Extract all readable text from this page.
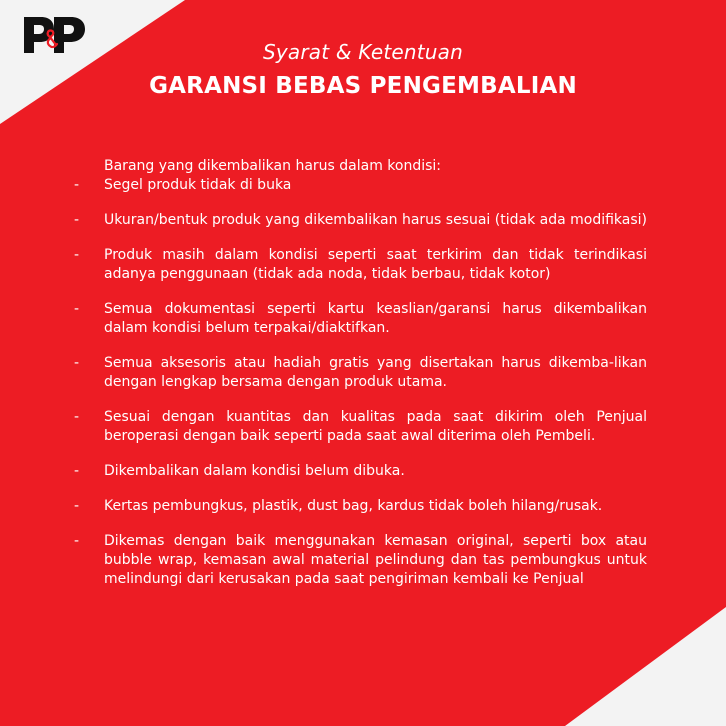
Syarat & Ketentuan
GARANSI BEBAS PENGEMBALIAN
Barang yang dikembalikan harus dalam kondisi:
-	Segel produk tidak di buka
-	Ukuran/bentuk produk yang dikembalikan harus sesuai (tidak ada modifikasi)
-	Produk masih dalam kondisi seperti saat terkirim dan tidak terindikasi adanya penggunaan (tidak ada noda, tidak berbau, tidak kotor)
-	Semua dokumentasi seperti kartu keaslian/garansi harus dikembalikan dalam kondisi belum terpakai/diaktifkan.
-	Semua aksesoris atau hadiah gratis yang disertakan harus dikemba-likan dengan lengkap bersama dengan produk utama.
-	Sesuai dengan kuantitas dan kualitas pada saat dikirim oleh Penjual beroperasi dengan baik seperti pada saat awal diterima oleh Pembeli.
-	Dikembalikan dalam kondisi belum dibuka.
-	Kertas pembungkus, plastik, dust bag, kardus tidak boleh hilang/rusak.
-	Dikemas dengan baik menggunakan kemasan original, seperti box atau bubble wrap, kemasan awal material pelindung dan tas pembungkus untuk melindungi dari kerusakan pada saat pengiriman kembali ke Penjual
